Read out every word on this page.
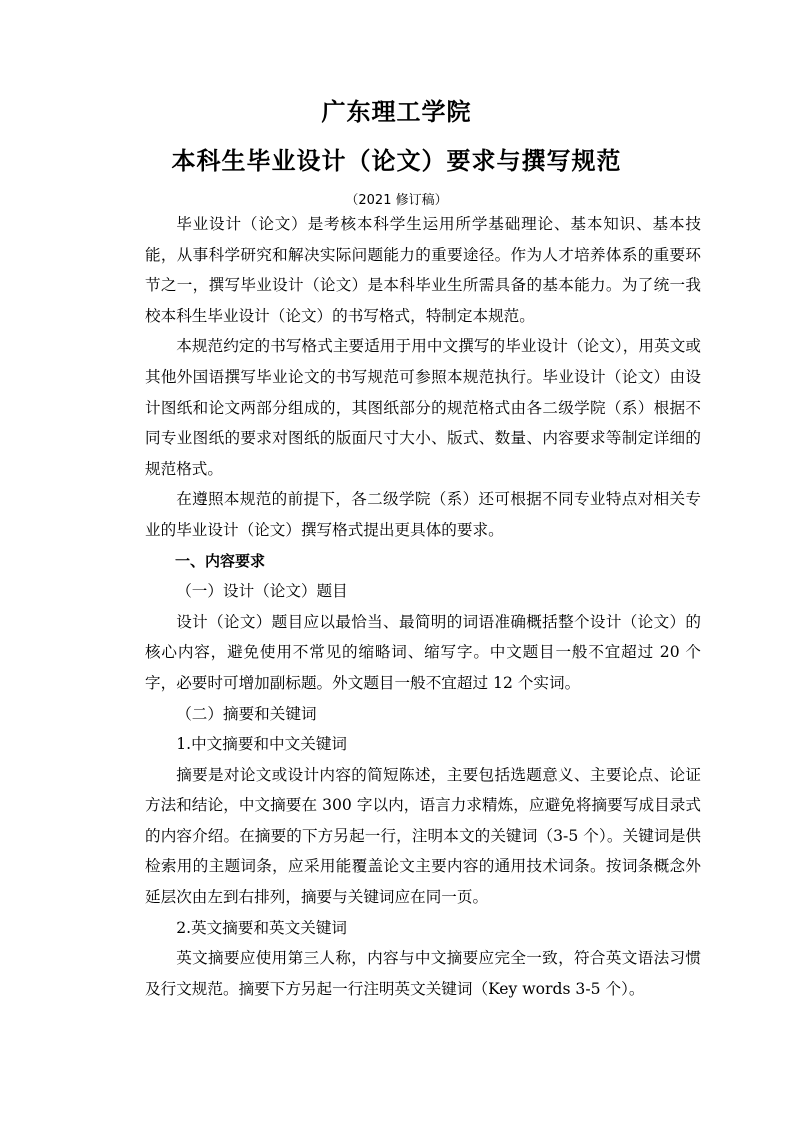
广东理工学院
本科生毕业设计（论文）要求与撰写规范
（2021 修订稿）

毕业设计（论文）是考核本科学生运用所学基础理论、基本知识、基本技能，从事科学研究和解决实际问题能力的重要途径。作为人才培养体系的重要环节之一，撰写毕业设计（论文）是本科毕业生所需具备的基本能力。为了统一我校本科生毕业设计（论文）的书写格式，特制定本规范。

本规范约定的书写格式主要适用于用中文撰写的毕业设计（论文），用英文或其他外国语撰写毕业论文的书写规范可参照本规范执行。毕业设计（论文）由设计图纸和论文两部分组成的，其图纸部分的规范格式由各二级学院（系）根据不同专业图纸的要求对图纸的版面尺寸大小、版式、数量、内容要求等制定详细的规范格式。

在遵照本规范的前提下，各二级学院（系）还可根据不同专业特点对相关专业的毕业设计（论文）撰写格式提出更具体的要求。

一、内容要求

（一）设计（论文）题目

设计（论文）题目应以最恰当、最简明的词语准确概括整个设计（论文）的核心内容，避免使用不常见的缩略词、缩写字。中文题目一般不宜超过 20 个字，必要时可增加副标题。外文题目一般不宜超过 12 个实词。

（二）摘要和关键词

1.中文摘要和中文关键词

摘要是对论文或设计内容的简短陈述，主要包括选题意义、主要论点、论证方法和结论，中文摘要在 300 字以内，语言力求精炼，应避免将摘要写成目录式的内容介绍。在摘要的下方另起一行，注明本文的关键词（3-5 个）。关键词是供检索用的主题词条，应采用能覆盖论文主要内容的通用技术词条。按词条概念外延层次由左到右排列，摘要与关键词应在同一页。

2.英文摘要和英文关键词

英文摘要应使用第三人称，内容与中文摘要应完全一致，符合英文语法习惯及行文规范。摘要下方另起一行注明英文关键词（Key words 3-5 个）。
